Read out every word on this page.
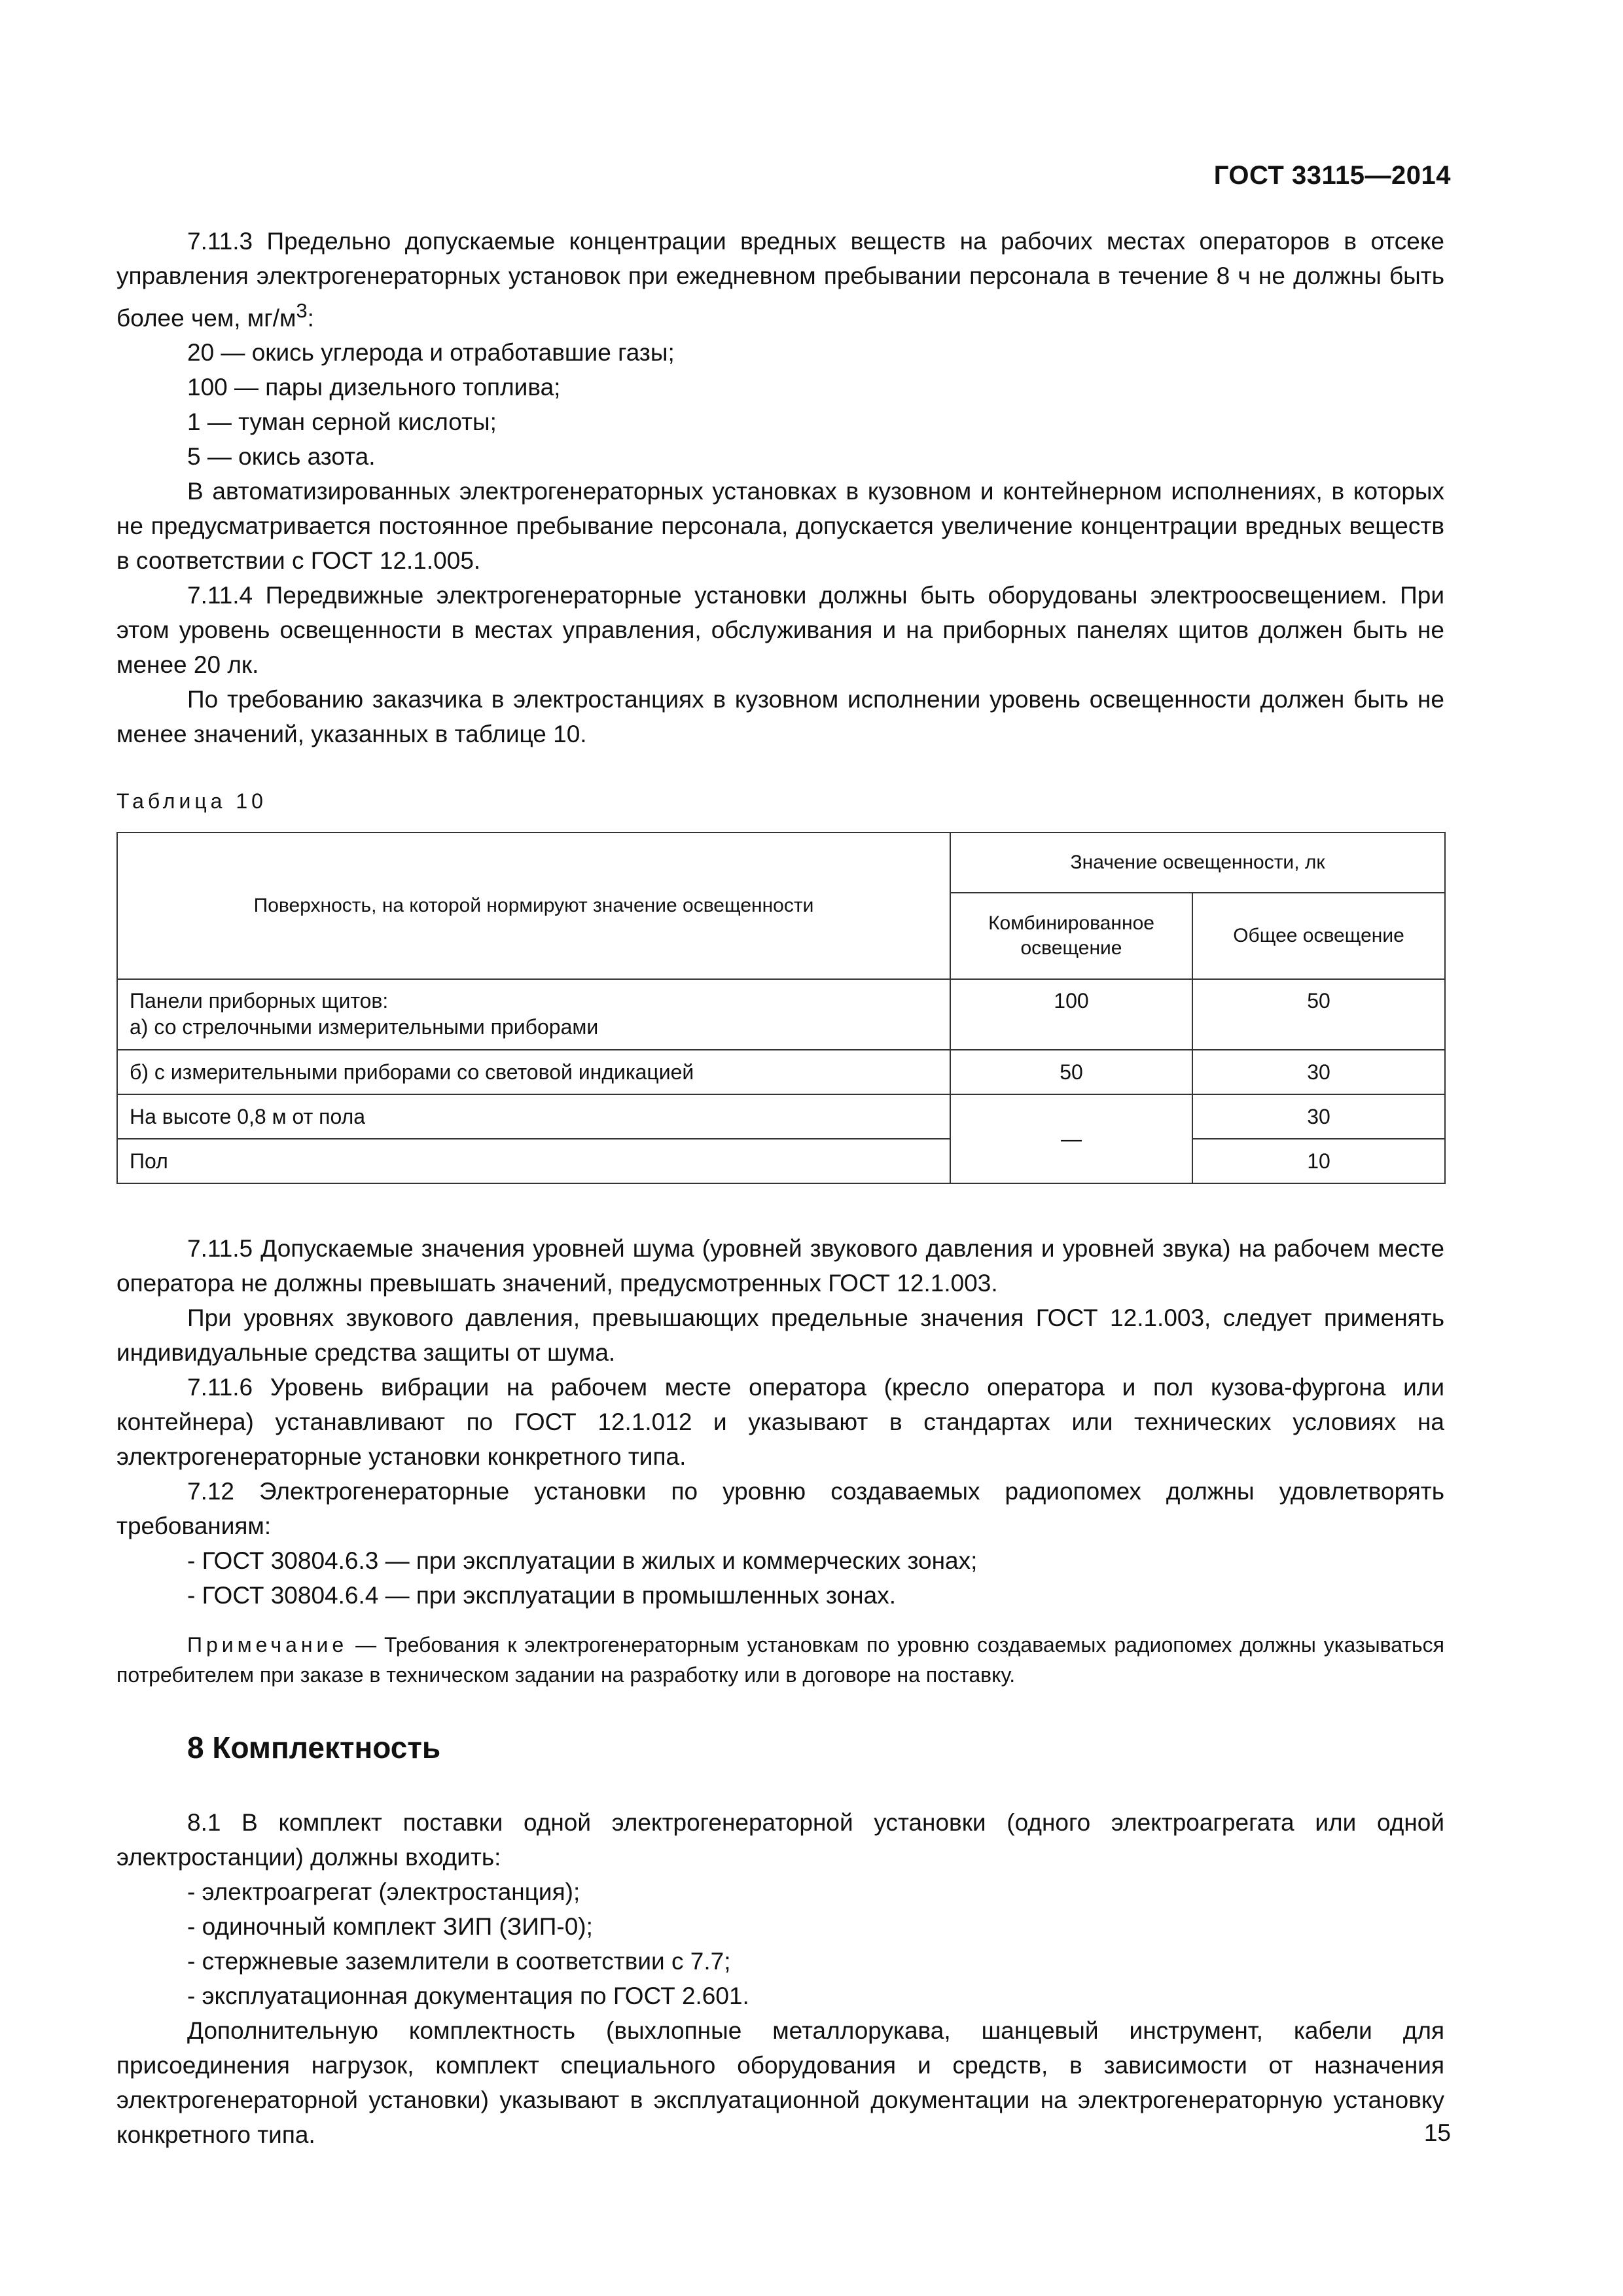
ГОСТ 33115—2014

7.11.3 Предельно допускаемые концентрации вредных веществ на рабочих местах операторов в отсеке управления электрогенераторных установок при ежедневном пребывании персонала в течение 8 ч не должны быть более чем, $мг/м^3$:

20 — окись углерода и отработавшие газы;

100 — пары дизельного топлива;

1 — туман серной кислоты;

5 — окись азота.

В автоматизированных электрогенераторных установках в кузовном и контейнерном исполнениях, в которых не предусматривается постоянное пребывание персонала, допускается увеличение концентрации вредных веществ в соответствии с ГОСТ 12.1.005.

7.11.4 Передвижные электрогенераторные установки должны быть оборудованы электроосвещением. При этом уровень освещенности в местах управления, обслуживания и на приборных панелях щитов должен быть не менее 20 лк.

По требованию заказчика в электростанциях в кузовном исполнении уровень освещенности должен быть не менее значений, указанных в таблице 10.

Таблица 10
Поверхность, на которой нормируют значение освещенности	Значение освещенности, лк	
	Комбинированное освещение	Общее освещение

Панели приборных щитов:
а) со стрелочными измерительными приборами	100	50
б) с измерительными приборами со световой индикацией	50	30
На высоте 0,8 м от пола	—	30
Пол		10

7.11.5 Допускаемые значения уровней шума (уровней звукового давления и уровней звука) на рабочем месте оператора не должны превышать значений, предусмотренных ГОСТ 12.1.003.

При уровнях звукового давления, превышающих предельные значения ГОСТ 12.1.003, следует применять индивидуальные средства защиты от шума.

7.11.6 Уровень вибрации на рабочем месте оператора (кресло оператора и пол кузова-фургона или контейнера) устанавливают по ГОСТ 12.1.012 и указывают в стандартах или технических условиях на электрогенераторные установки конкретного типа.

7.12 Электрогенераторные установки по уровню создаваемых радиопомех должны удовлетворять требованиям:

- ГОСТ 30804.6.3 — при эксплуатации в жилых и коммерческих зонах;

- ГОСТ 30804.6.4 — при эксплуатации в промышленных зонах.

Примечание — Требования к электрогенераторным установкам по уровню создаваемых радиопомех должны указываться потребителем при заказе в техническом задании на разработку или в договоре на поставку.

8 Комплектность

8.1 В комплект поставки одной электрогенераторной установки (одного электроагрегата или одной электростанции) должны входить:

- электроагрегат (электростанция);

- одиночный комплект ЗИП (ЗИП-0);

- стержневые заземлители в соответствии с 7.7;

- эксплуатационная документация по ГОСТ 2.601.

Дополнительную комплектность (выхлопные металлорукава, шанцевый инструмент, кабели для присоединения нагрузок, комплект специального оборудования и средств, в зависимости от назначения электрогенераторной установки) указывают в эксплуатационной документации на электрогенераторную установку конкретного типа.	15
